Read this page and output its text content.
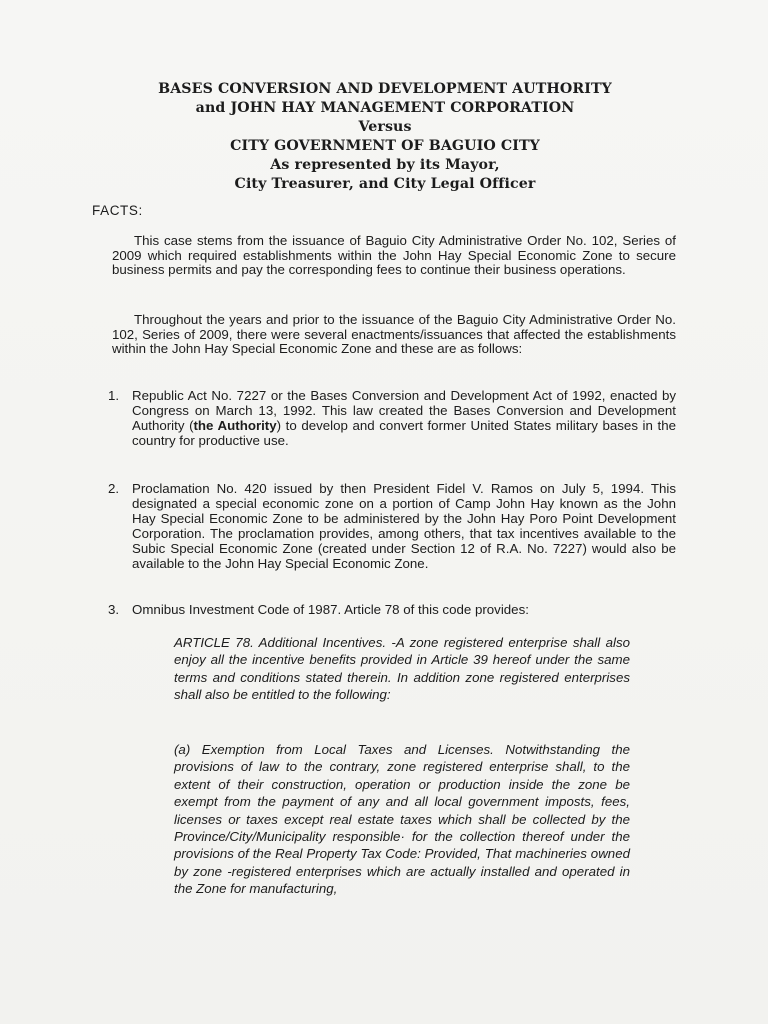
BASES CONVERSION AND DEVELOPMENT AUTHORITY
and JOHN HAY MANAGEMENT CORPORATION
Versus
CITY GOVERNMENT OF BAGUIO CITY
As represented by its Mayor,
City Treasurer, and City Legal Officer
FACTS:
This case stems from the issuance of Baguio City Administrative Order No. 102, Series of 2009 which required establishments within the John Hay Special Economic Zone to secure business permits and pay the corresponding fees to continue their business operations.
Throughout the years and prior to the issuance of the Baguio City Administrative Order No. 102, Series of 2009, there were several enactments/issuances that affected the establishments within the John Hay Special Economic Zone and these are as follows:
1. Republic Act No. 7227 or the Bases Conversion and Development Act of 1992, enacted by Congress on March 13, 1992. This law created the Bases Conversion and Development Authority (the Authority) to develop and convert former United States military bases in the country for productive use.
2. Proclamation No. 420 issued by then President Fidel V. Ramos on July 5, 1994. This designated a special economic zone on a portion of Camp John Hay known as the John Hay Special Economic Zone to be administered by the John Hay Poro Point Development Corporation. The proclamation provides, among others, that tax incentives available to the Subic Special Economic Zone (created under Section 12 of R.A. No. 7227) would also be available to the John Hay Special Economic Zone.
3. Omnibus Investment Code of 1987. Article 78 of this code provides:
ARTICLE 78. Additional Incentives. -A zone registered enterprise shall also enjoy all the incentive benefits provided in Article 39 hereof under the same terms and conditions stated therein. In addition zone registered enterprises shall also be entitled to the following:
(a) Exemption from Local Taxes and Licenses. Notwithstanding the provisions of law to the contrary, zone registered enterprise shall, to the extent of their construction, operation or production inside the zone be exempt from the payment of any and all local government imposts, fees, licenses or taxes except real estate taxes which shall be collected by the Province/City/Municipality responsible· for the collection thereof under the provisions of the Real Property Tax Code: Provided, That machineries owned by zone -registered enterprises which are actually installed and operated in the Zone for manufacturing,
